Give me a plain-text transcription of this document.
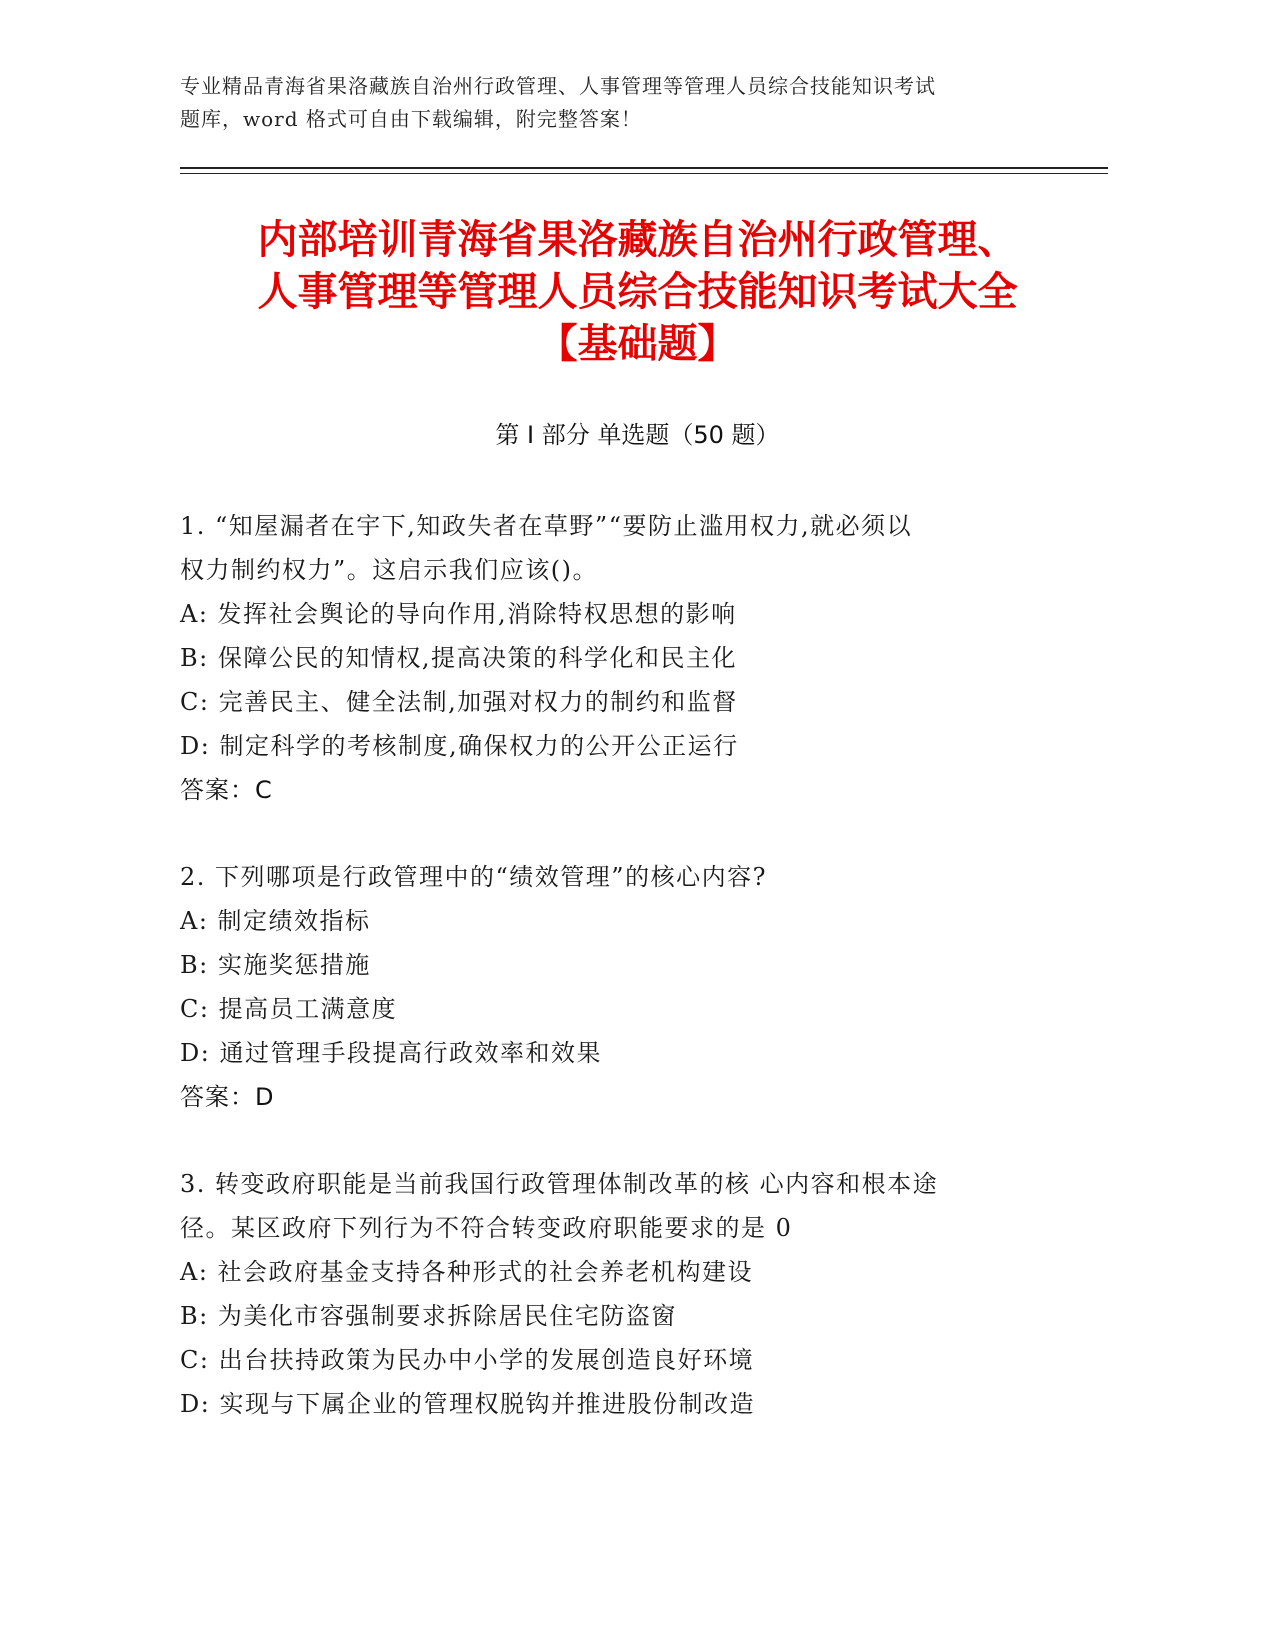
专业精品青海省果洛藏族自治州行政管理、人事管理等管理人员综合技能知识考试
题库，word 格式可自由下载编辑，附完整答案！
内部培训青海省果洛藏族自治州行政管理、
人事管理等管理人员综合技能知识考试大全
【基础题】
第 I 部分 单选题（50 题）
1. “知屋漏者在宇下,知政失者在草野”“要防止滥用权力,就必须以
权力制约权力”。这启示我们应该()。
A: 发挥社会舆论的导向作用,消除特权思想的影响
B: 保障公民的知情权,提高决策的科学化和民主化
C: 完善民主、健全法制,加强对权力的制约和监督
D: 制定科学的考核制度,确保权力的公开公正运行
答案：C
2. 下列哪项是行政管理中的“绩效管理”的核心内容?
A: 制定绩效指标
B: 实施奖惩措施
C: 提高员工满意度
D: 通过管理手段提高行政效率和效果
答案：D
3. 转变政府职能是当前我国行政管理体制改革的核 心内容和根本途
径。某区政府下列行为不符合转变政府职能要求的是 0
A: 社会政府基金支持各种形式的社会养老机构建设
B: 为美化市容强制要求拆除居民住宅防盗窗
C: 出台扶持政策为民办中小学的发展创造良好环境
D: 实现与下属企业的管理权脱钩并推进股份制改造
